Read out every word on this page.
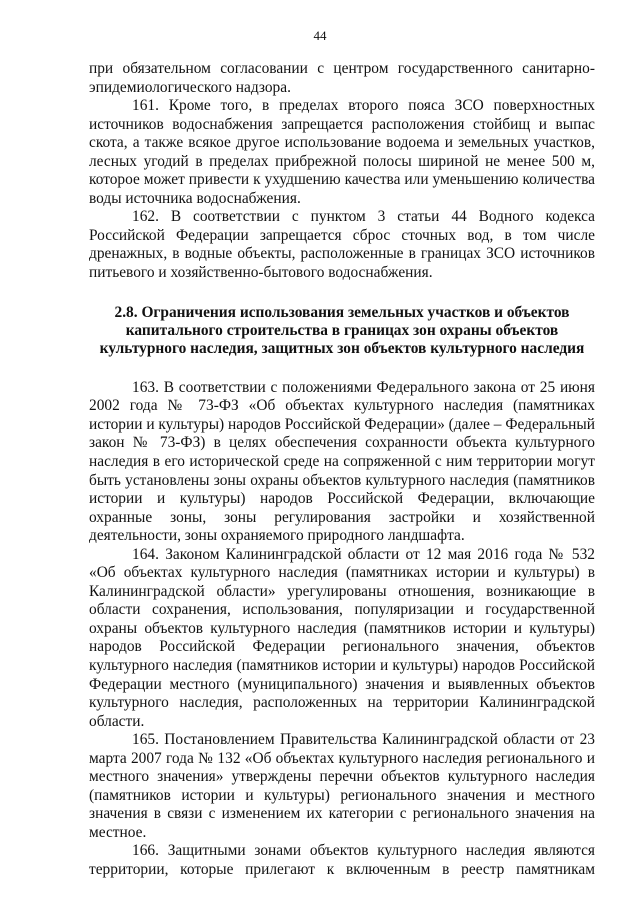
44

при обязательном согласовании с центром государственного санитарно-эпидемиологического надзора.

161. Кроме того, в пределах второго пояса ЗСО поверхностных источников водоснабжения запрещается расположения стойбищ и выпас скота, а также всякое другое использование водоема и земельных участков, лесных угодий в пределах прибрежной полосы шириной не менее 500 м, которое может привести к ухудшению качества или уменьшению количества воды источника водоснабжения.

162. В соответствии с пунктом 3 статьи 44 Водного кодекса Российской Федерации запрещается сброс сточных вод, в том числе дренажных, в водные объекты, расположенные в границах ЗСО источников питьевого и хозяйственно-бытового водоснабжения.

2.8. Ограничения использования земельных участков и объектов капитального строительства в границах зон охраны объектов культурного наследия, защитных зон объектов культурного наследия

163. В соответствии с положениями Федерального закона от 25 июня 2002 года № 73-ФЗ «Об объектах культурного наследия (памятниках истории и культуры) народов Российской Федерации» (далее – Федеральный закон № 73-ФЗ) в целях обеспечения сохранности объекта культурного наследия в его исторической среде на сопряженной с ним территории могут быть установлены зоны охраны объектов культурного наследия (памятников истории и культуры) народов Российской Федерации, включающие охранные зоны, зоны регулирования застройки и хозяйственной деятельности, зоны охраняемого природного ландшафта.

164. Законом Калининградской области от 12 мая 2016 года № 532 «Об объектах культурного наследия (памятниках истории и культуры) в Калининградской области» урегулированы отношения, возникающие в области сохранения, использования, популяризации и государственной охраны объектов культурного наследия (памятников истории и культуры) народов Российской Федерации регионального значения, объектов культурного наследия (памятников истории и культуры) народов Российской Федерации местного (муниципального) значения и выявленных объектов культурного наследия, расположенных на территории Калининградской области.

165. Постановлением Правительства Калининградской области от 23 марта 2007 года № 132 «Об объектах культурного наследия регионального и местного значения» утверждены перечни объектов культурного наследия (памятников истории и культуры) регионального значения и местного значения в связи с изменением их категории с регионального значения на местное.

166. Защитными зонами объектов культурного наследия являются территории, которые прилегают к включенным в реестр памятникам
